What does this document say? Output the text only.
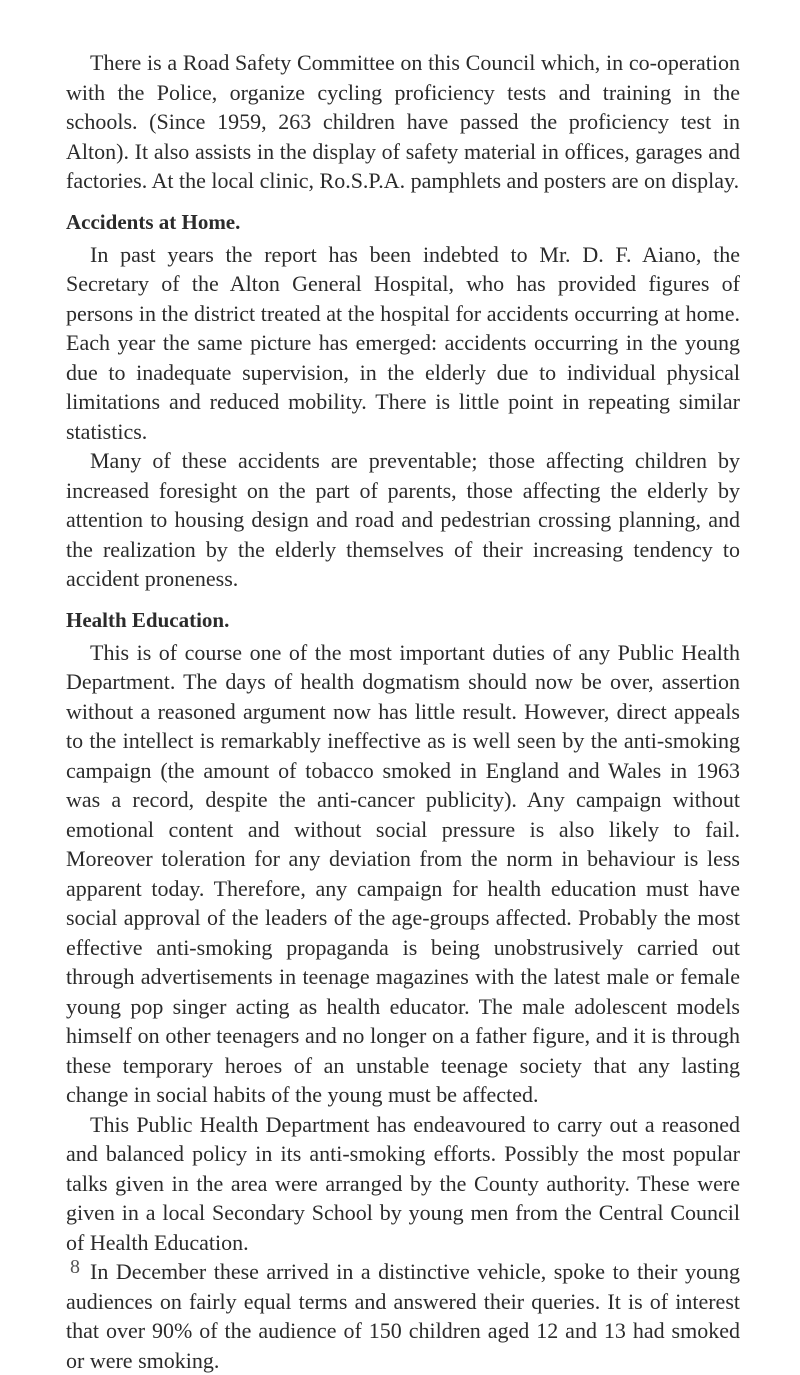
There is a Road Safety Committee on this Council which, in co-operation with the Police, organize cycling proficiency tests and training in the schools. (Since 1959, 263 children have passed the proficiency test in Alton). It also assists in the display of safety material in offices, garages and factories. At the local clinic, Ro.S.P.A. pamphlets and posters are on display.

Accidents at Home.

In past years the report has been indebted to Mr. D. F. Aiano, the Secretary of the Alton General Hospital, who has provided figures of persons in the district treated at the hospital for accidents occurring at home. Each year the same picture has emerged: accidents occurring in the young due to inadequate supervision, in the elderly due to individual physical limitations and reduced mobility. There is little point in repeating similar statistics.

Many of these accidents are preventable; those affecting children by increased foresight on the part of parents, those affecting the elderly by attention to housing design and road and pedestrian crossing planning, and the realization by the elderly themselves of their increasing tendency to accident proneness.

Health Education.

This is of course one of the most important duties of any Public Health Department. The days of health dogmatism should now be over, assertion without a reasoned argument now has little result. However, direct appeals to the intellect is remarkably ineffective as is well seen by the anti-smoking campaign (the amount of tobacco smoked in England and Wales in 1963 was a record, despite the anti-cancer publicity). Any campaign without emotional content and without social pressure is also likely to fail. Moreover toleration for any deviation from the norm in behaviour is less apparent today. Therefore, any campaign for health education must have social approval of the leaders of the age-groups affected. Probably the most effective anti-smoking propaganda is being unobstrusively carried out through advertisements in teenage magazines with the latest male or female young pop singer acting as health educator. The male adolescent models himself on other teenagers and no longer on a father figure, and it is through these temporary heroes of an unstable teenage society that any lasting change in social habits of the young must be affected.

This Public Health Department has endeavoured to carry out a reasoned and balanced policy in its anti-smoking efforts. Possibly the most popular talks given in the area were arranged by the County authority. These were given in a local Secondary School by young men from the Central Council of Health Education.

In December these arrived in a distinctive vehicle, spoke to their young audiences on fairly equal terms and answered their queries. It is of interest that over 90% of the audience of 150 children aged 12 and 13 had smoked or were smoking.

8
